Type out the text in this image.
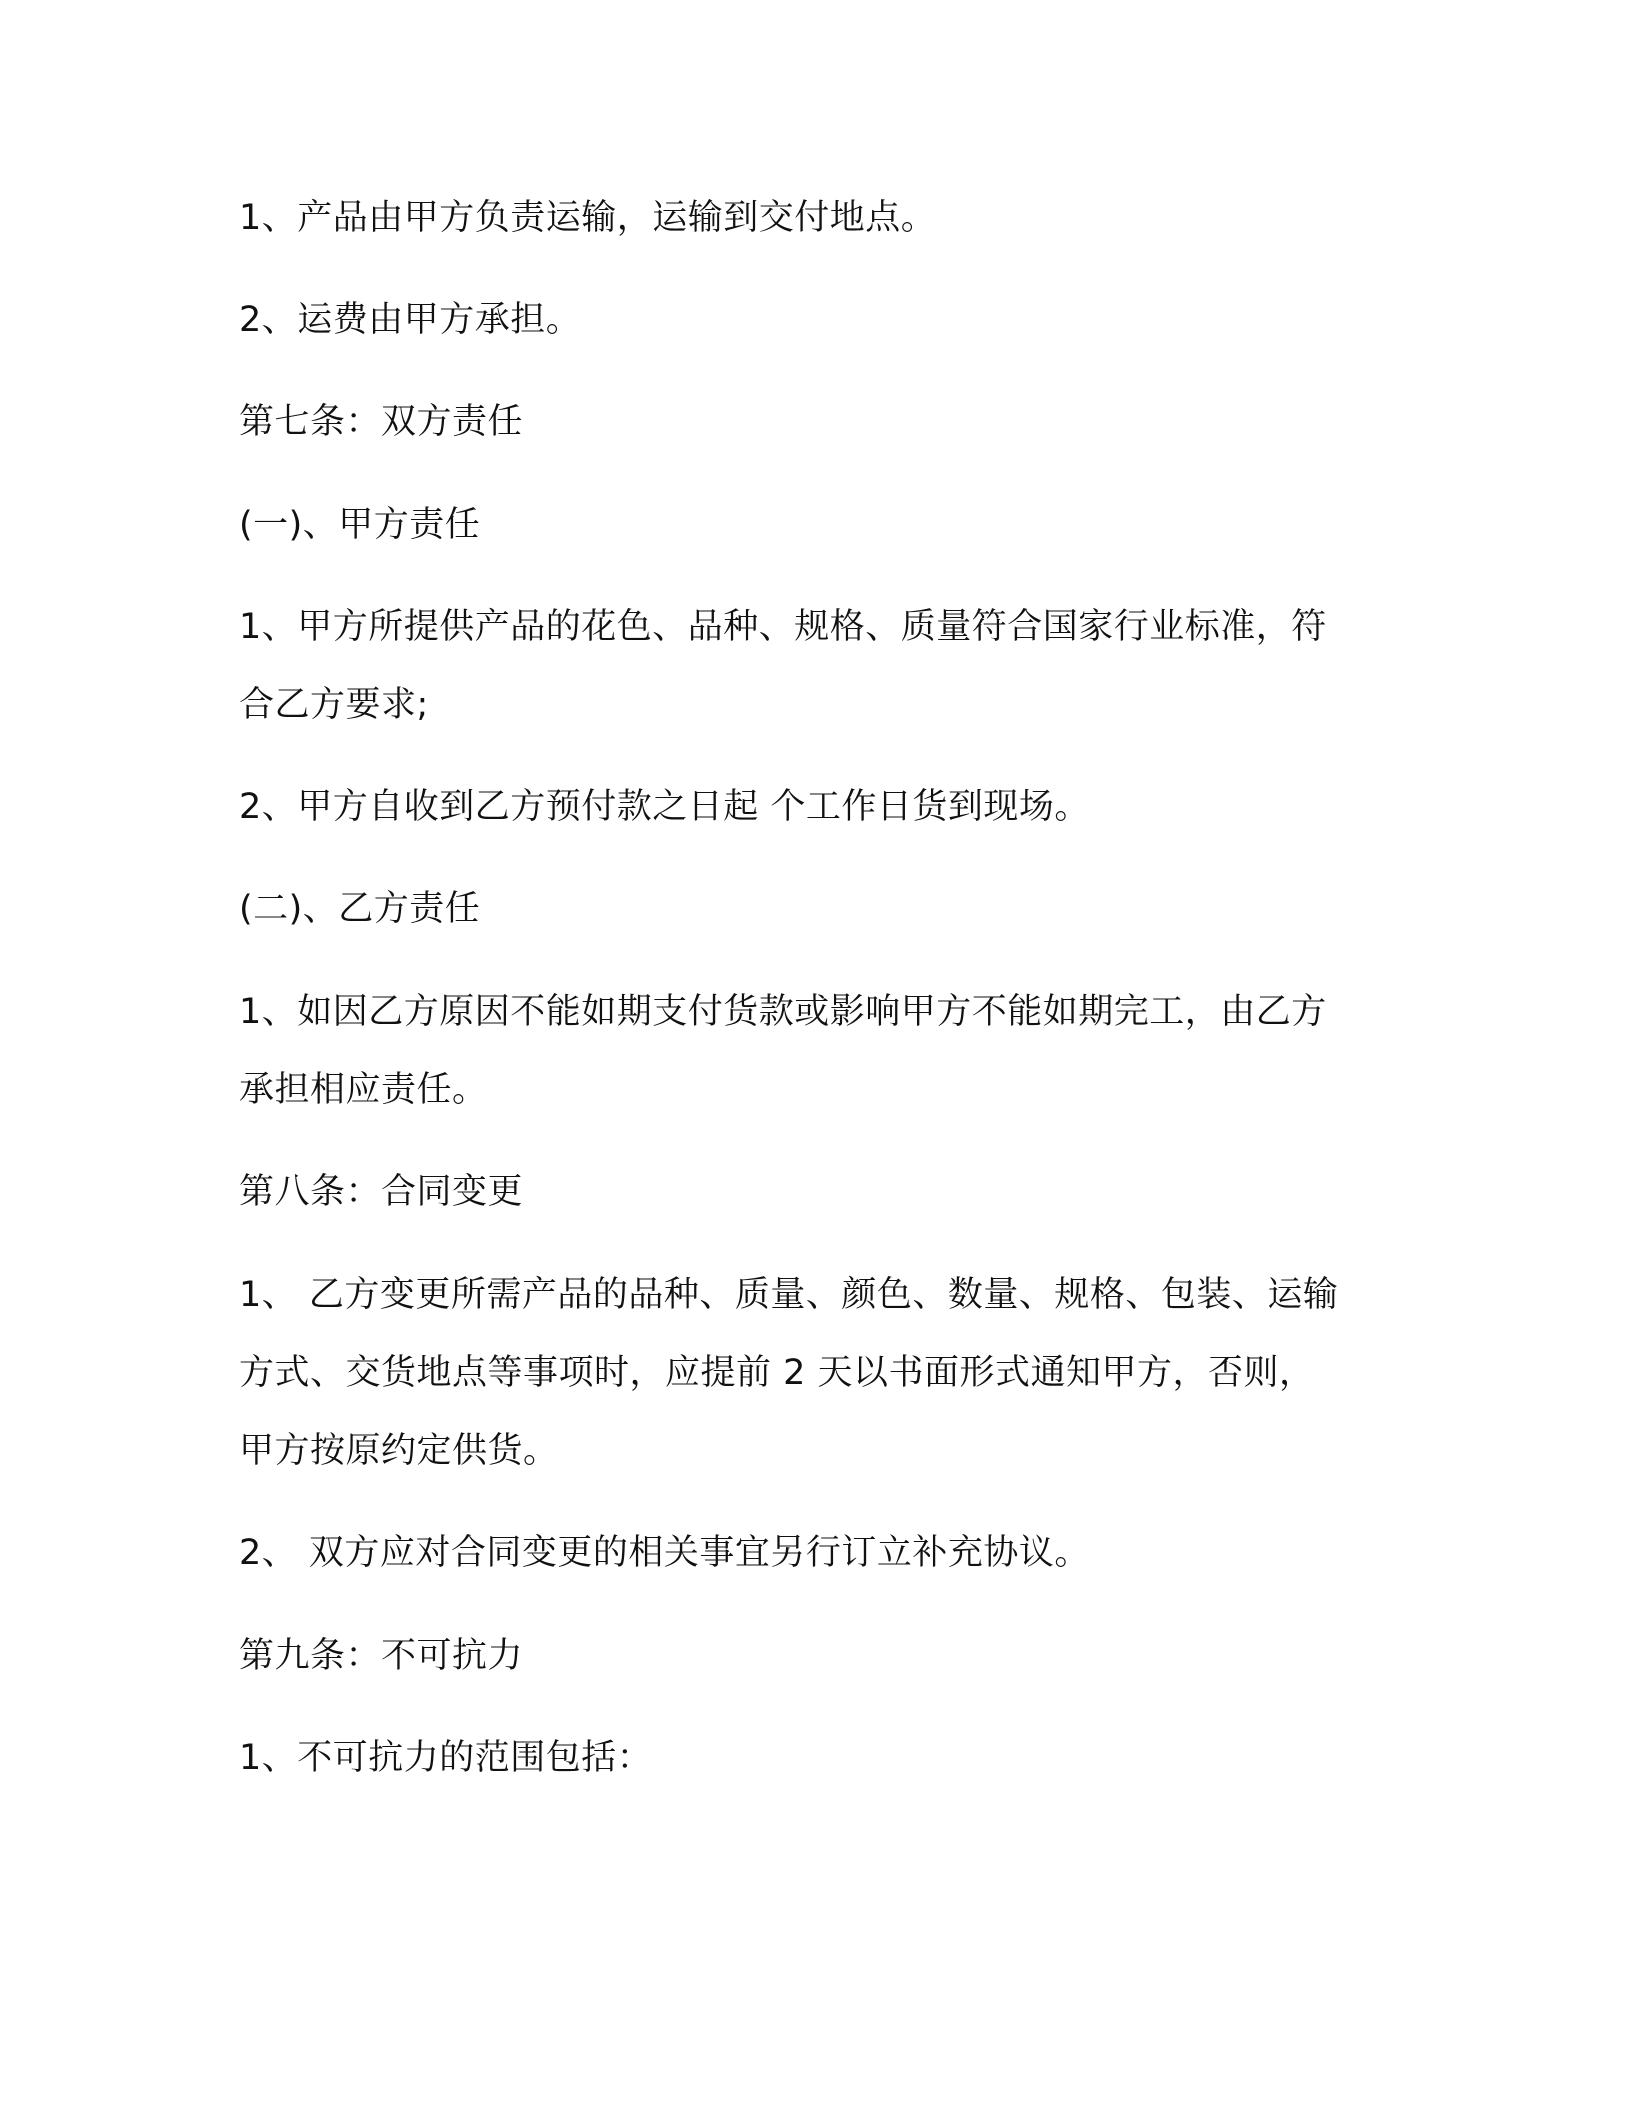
1、产品由甲方负责运输，运输到交付地点。
2、运费由甲方承担。
第七条：双方责任
(一)、甲方责任
1、甲方所提供产品的花色、品种、规格、质量符合国家行业标准，符
合乙方要求;
2、甲方自收到乙方预付款之日起 个工作日货到现场。
(二)、乙方责任
1、如因乙方原因不能如期支付货款或影响甲方不能如期完工，由乙方
承担相应责任。
第八条：合同变更
1、 乙方变更所需产品的品种、质量、颜色、数量、规格、包装、运输
方式、交货地点等事项时，应提前 2 天以书面形式通知甲方，否则，
甲方按原约定供货。
2、 双方应对合同变更的相关事宜另行订立补充协议。
第九条：不可抗力
1、不可抗力的范围包括：
